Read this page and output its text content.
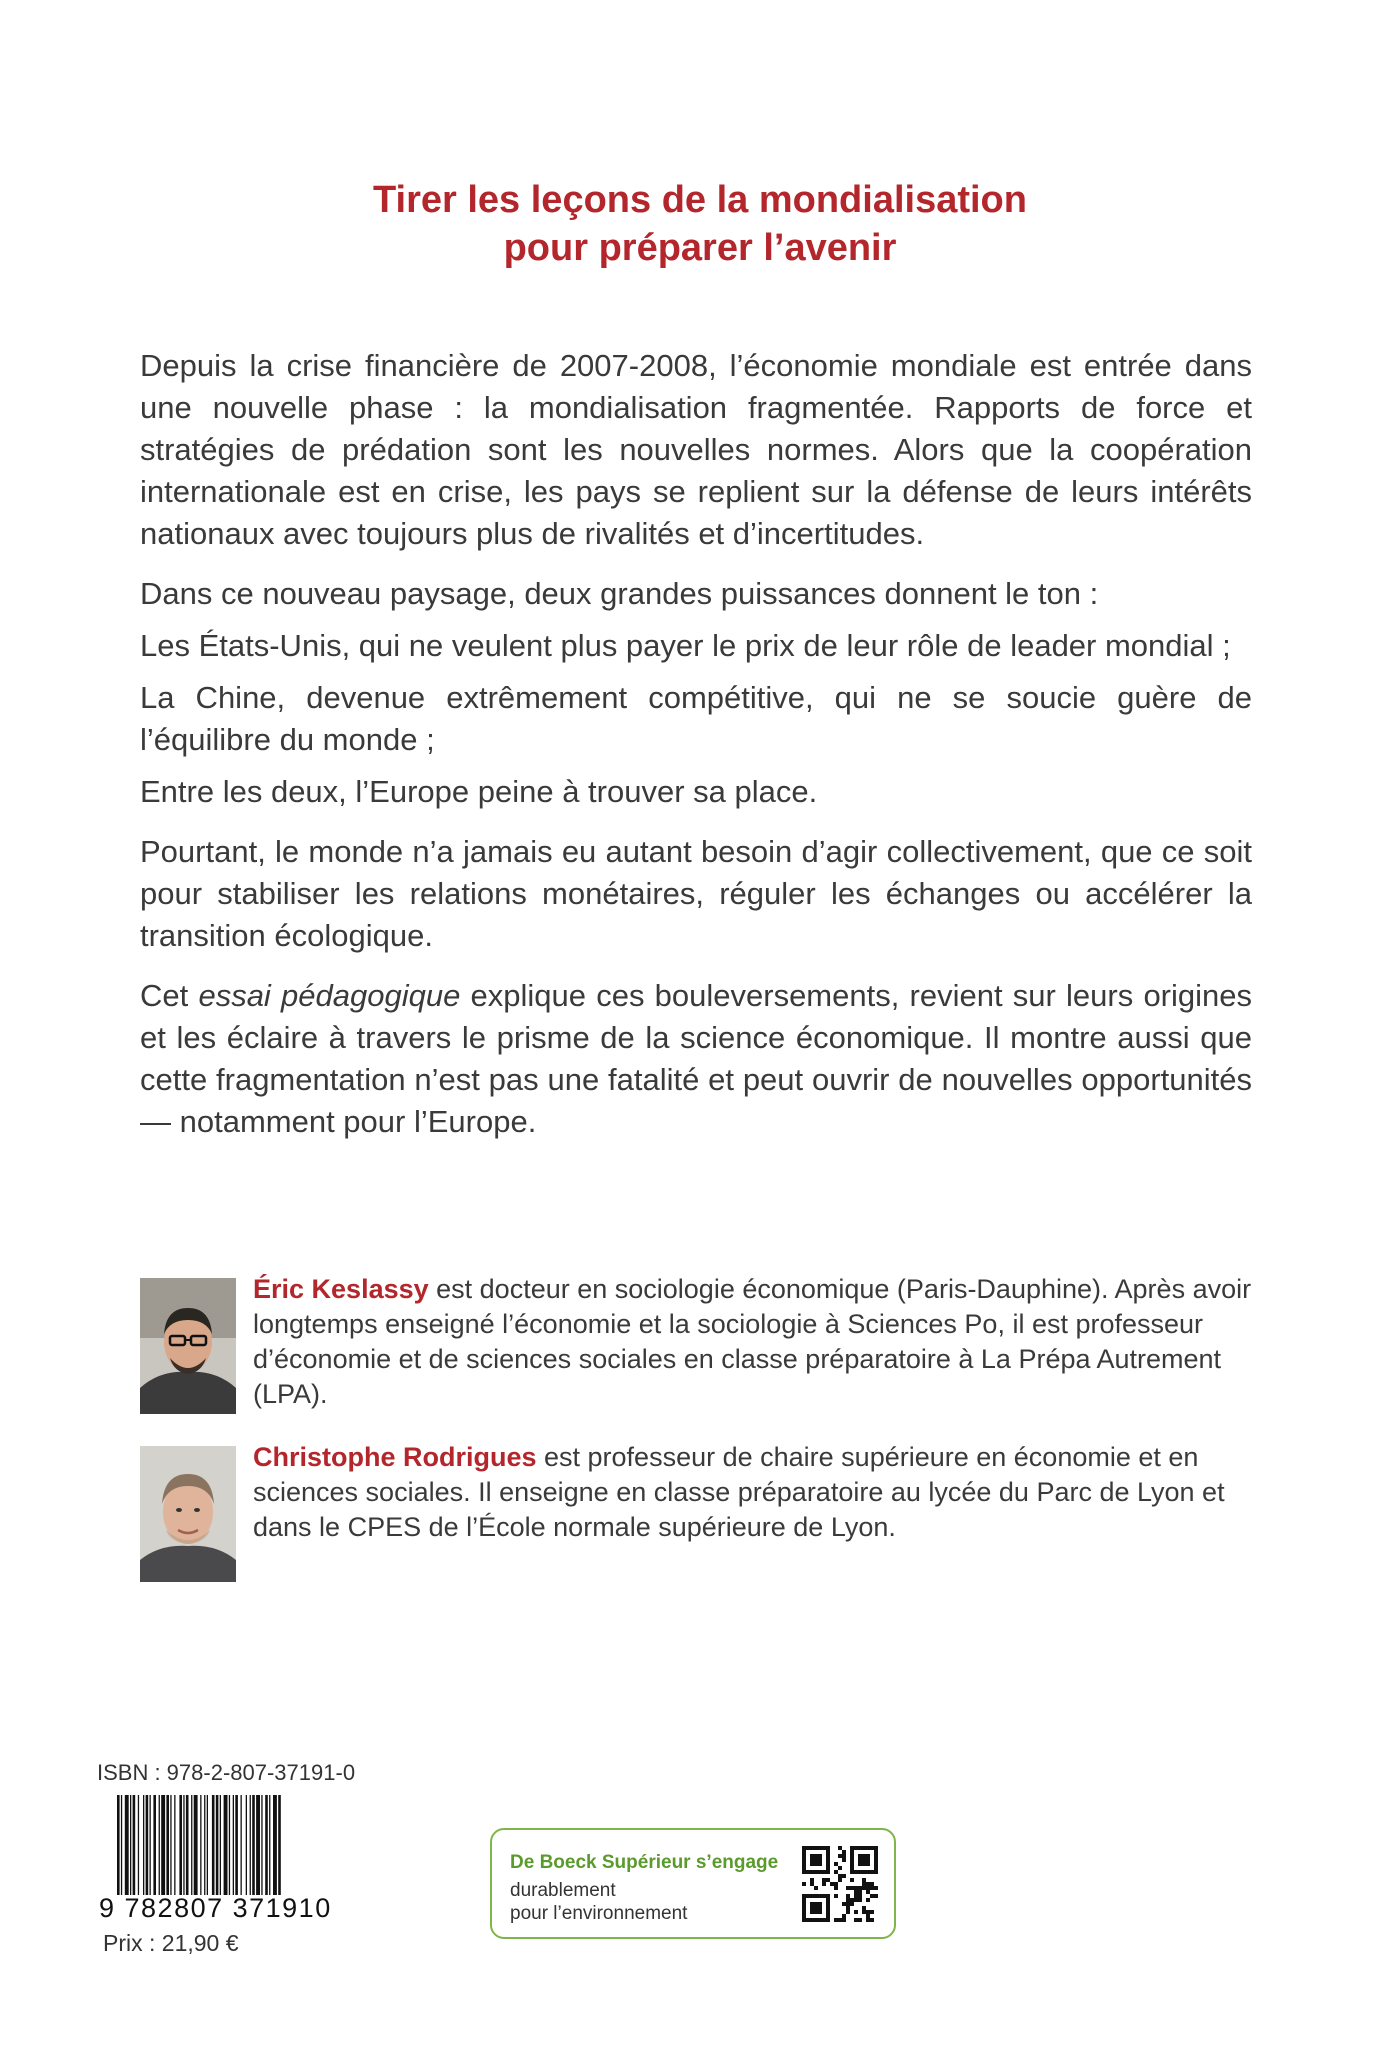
Tirer les leçons de la mondialisation
pour préparer l’avenir

Depuis la crise financière de 2007-2008, l’économie mondiale est entrée dans une nouvelle phase : la mondialisation fragmentée. Rapports de force et stratégies de prédation sont les nouvelles normes. Alors que la coopération internationale est en crise, les pays se replient sur la défense de leurs intérêts nationaux avec toujours plus de rivalités et d’incertitudes.

Dans ce nouveau paysage, deux grandes puissances donnent le ton :

Les États-Unis, qui ne veulent plus payer le prix de leur rôle de leader mondial ;

La Chine, devenue extrêmement compétitive, qui ne se soucie guère de l’équilibre du monde ;

Entre les deux, l’Europe peine à trouver sa place.

Pourtant, le monde n’a jamais eu autant besoin d’agir collectivement, que ce soit pour stabiliser les relations monétaires, réguler les échanges ou accélérer la transition écologique.

Cet essai pédagogique explique ces bouleversements, revient sur leurs origines et les éclaire à travers le prisme de la science économique. Il montre aussi que cette fragmentation n’est pas une fatalité et peut ouvrir de nouvelles opportunités — notamment pour l’Europe.

Éric Keslassy est docteur en sociologie économique (Paris-Dauphine). Après avoir longtemps enseigné l’économie et la sociologie à Sciences Po, il est professeur d’économie et de sciences sociales en classe préparatoire à La Prépa Autrement (LPA).
Christophe Rodrigues est professeur de chaire supérieure en économie et en sciences sociales. Il enseigne en classe préparatoire au lycée du Parc de Lyon et dans le CPES de l’École normale supérieure de Lyon.
ISBN : 978-2-807-37191-0
9 782807 371910
Prix : 21,90 €
De Boeck Supérieur s’engage
durablement
pour l’environnement
